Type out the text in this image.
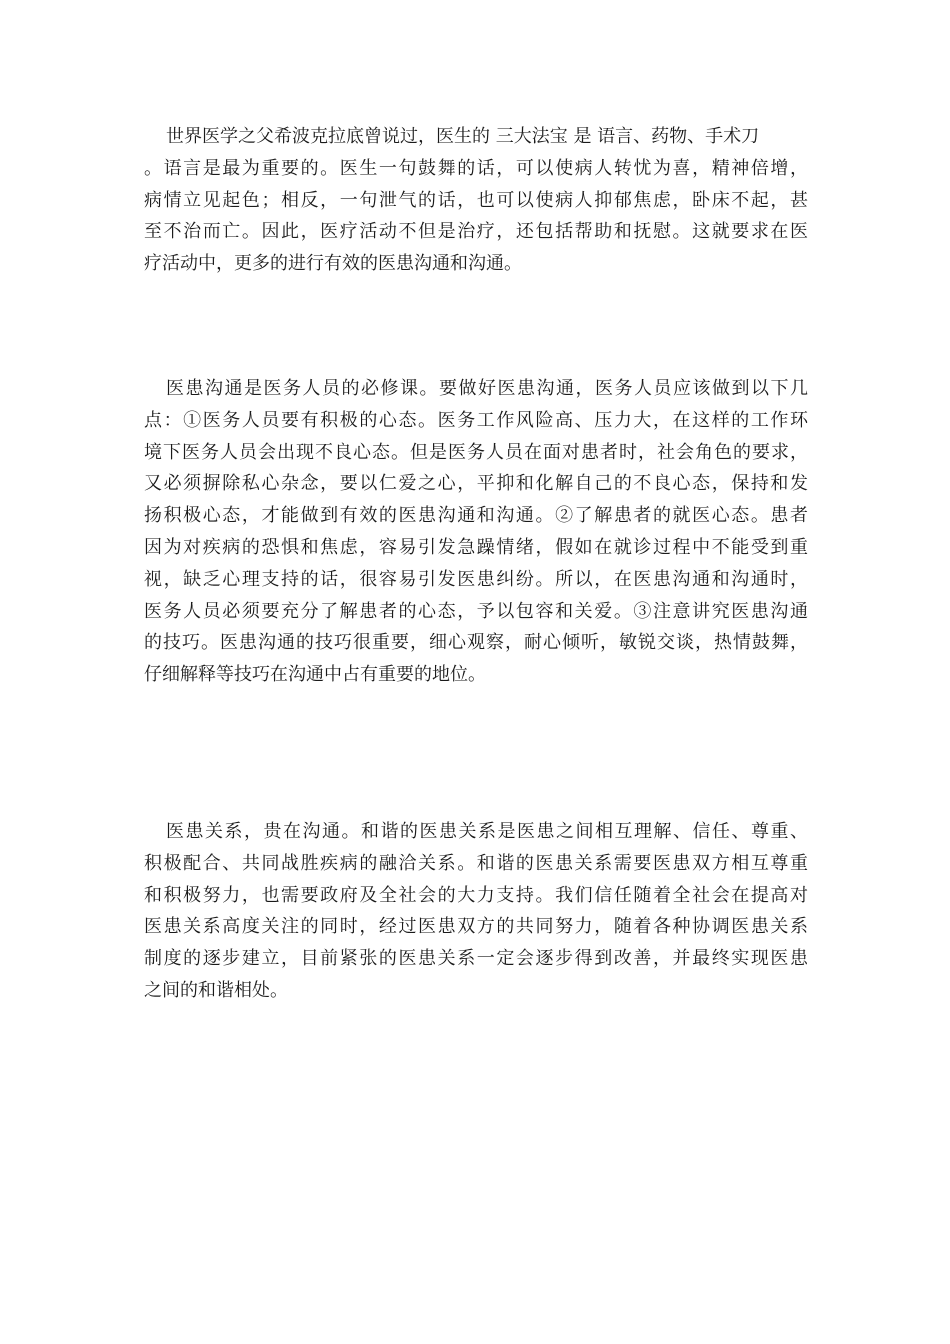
世界医学之父希波克拉底曾说过，医生的 三大法宝 是 语言、药物、手术刀
。语言是最为重要的。医生一句鼓舞的话，可以使病人转忧为喜，精神倍增，
病情立见起色；相反，一句泄气的话，也可以使病人抑郁焦虑，卧床不起，甚
至不治而亡。因此，医疗活动不但是治疗，还包括帮助和抚慰。这就要求在医
疗活动中，更多的进行有效的医患沟通和沟通。

医患沟通是医务人员的必修课。要做好医患沟通，医务人员应该做到以下几
点：①医务人员要有积极的心态。医务工作风险高、压力大，在这样的工作环
境下医务人员会出现不良心态。但是医务人员在面对患者时，社会角色的要求，
又必须摒除私心杂念，要以仁爱之心，平抑和化解自己的不良心态，保持和发
扬积极心态，才能做到有效的医患沟通和沟通。②了解患者的就医心态。患者
因为对疾病的恐惧和焦虑，容易引发急躁情绪，假如在就诊过程中不能受到重
视，缺乏心理支持的话，很容易引发医患纠纷。所以，在医患沟通和沟通时，
医务人员必须要充分了解患者的心态，予以包容和关爱。③注意讲究医患沟通
的技巧。医患沟通的技巧很重要，细心观察，耐心倾听，敏锐交谈，热情鼓舞，
仔细解释等技巧在沟通中占有重要的地位。

医患关系，贵在沟通。和谐的医患关系是医患之间相互理解、信任、尊重、
积极配合、共同战胜疾病的融洽关系。和谐的医患关系需要医患双方相互尊重
和积极努力，也需要政府及全社会的大力支持。我们信任随着全社会在提高对
医患关系高度关注的同时，经过医患双方的共同努力，随着各种协调医患关系
制度的逐步建立，目前紧张的医患关系一定会逐步得到改善，并最终实现医患
之间的和谐相处。
